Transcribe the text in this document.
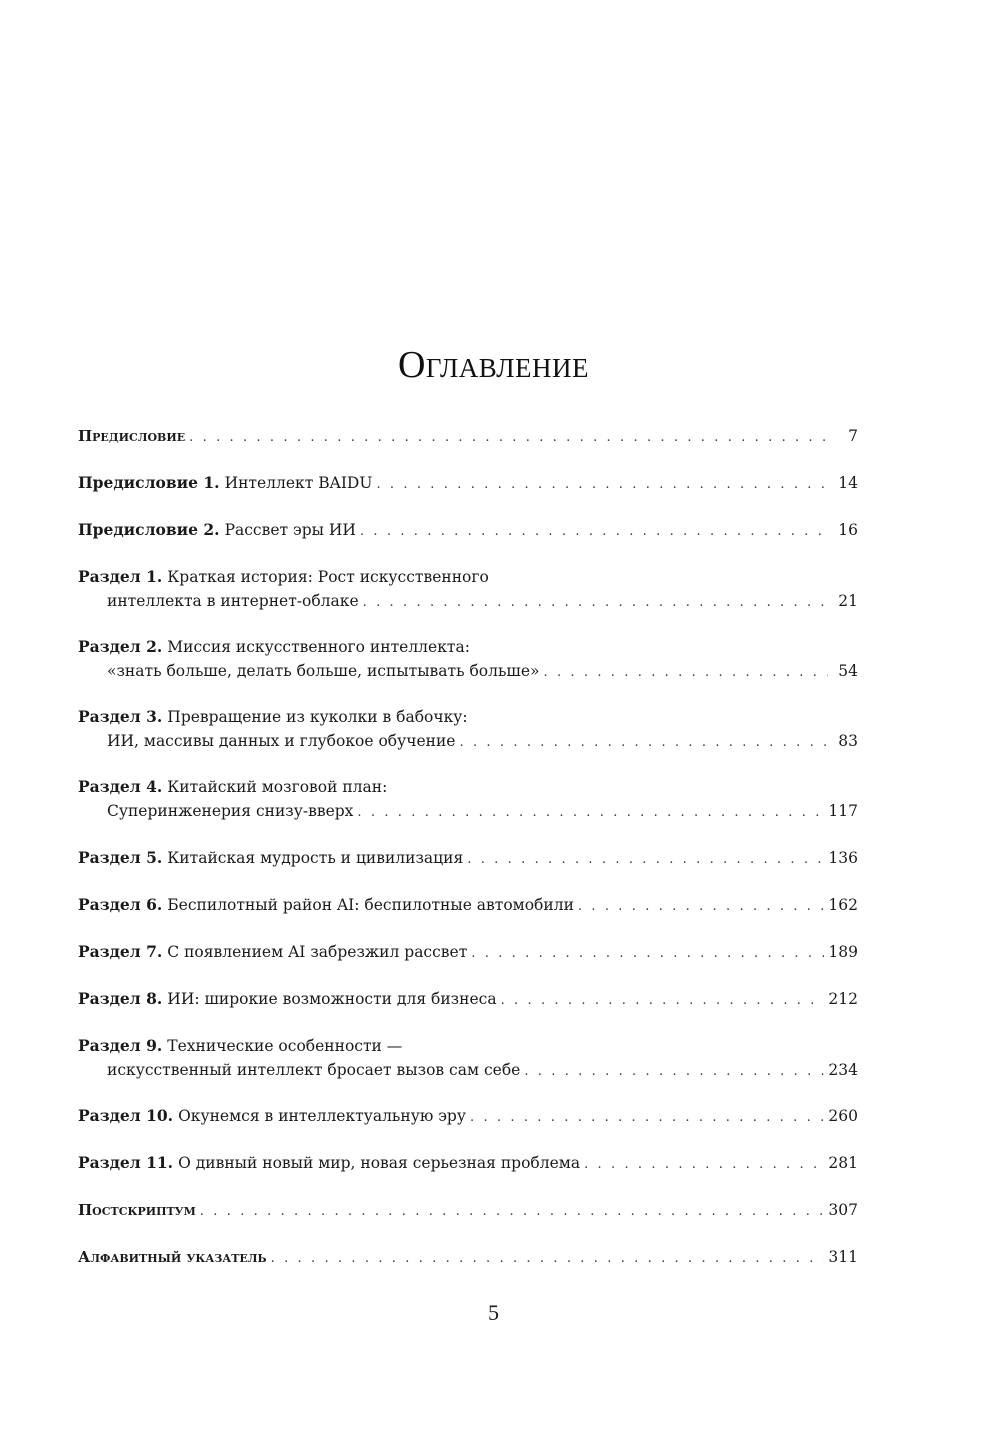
Оглавление
Предисловие . . .	7
Предисловие 1. Интеллект BAIDU . . .	14
Предисловие 2. Рассвет эры ИИ . . .	16
Раздел 1. Краткая история: Рост искусственного
интеллекта в интернет-облаке . . .	21
Раздел 2. Миссия искусственного интеллекта:
«знать больше, делать больше, испытывать больше» . . .	54
Раздел 3. Превращение из куколки в бабочку:
ИИ, массивы данных и глубокое обучение . . .	83
Раздел 4. Китайский мозговой план:
Суперинженерия снизу-вверх . . .	117
Раздел 5. Китайская мудрость и цивилизация . . .	136
Раздел 6. Беспилотный район AI: беспилотные автомобили . . .	162
Раздел 7. С появлением AI забрезжил рассвет . . .	189
Раздел 8. ИИ: широкие возможности для бизнеса . . .	212
Раздел 9. Технические особенности —
искусственный интеллект бросает вызов сам себе . . .	234
Раздел 10. Окунемся в интеллектуальную эру . . .	260
Раздел 11. О дивный новый мир, новая серьезная проблема . . .	281
Постскриптум . . .	307
Алфавитный указатель . . .	311
5
